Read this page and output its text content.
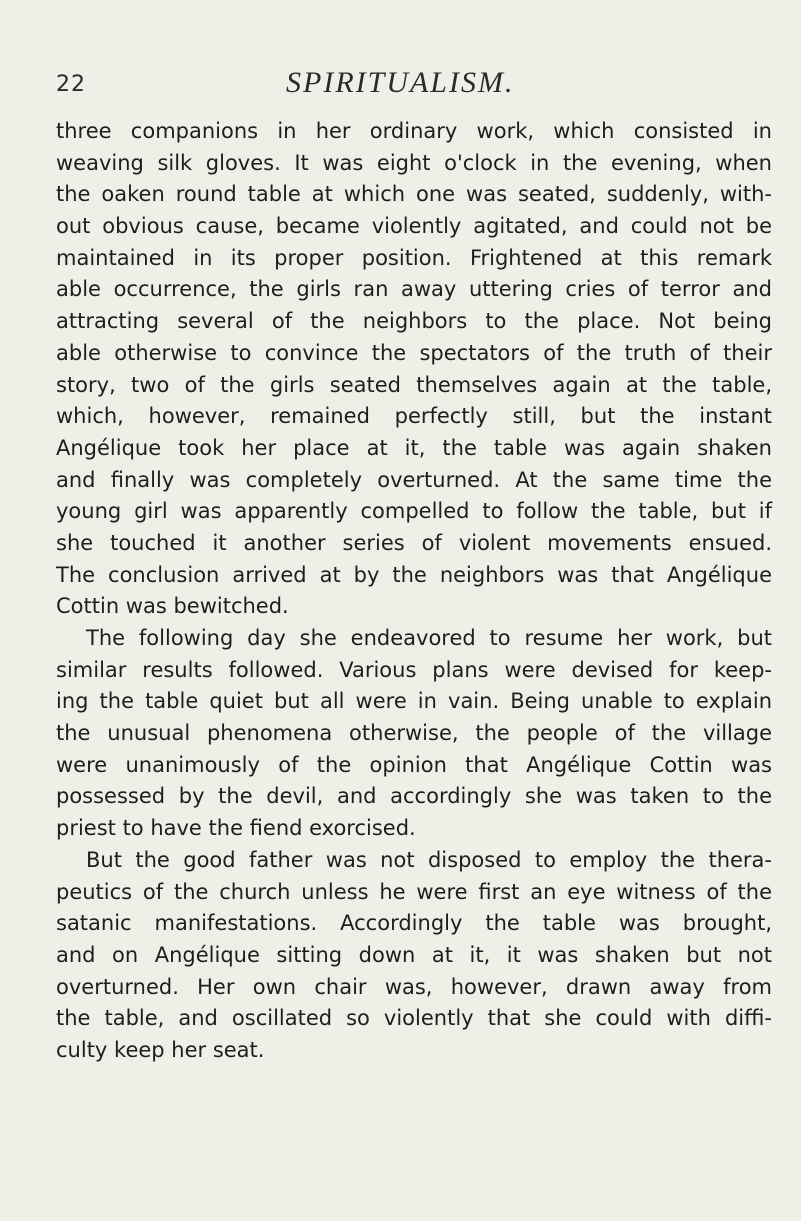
22	SPIRITUALISM.
three companions in her ordinary work, which consisted in
weaving silk gloves. It was eight o'clock in the evening, when
the oaken round table at which one was seated, suddenly, with-
out obvious cause, became violently agitated, and could not be
maintained in its proper position. Frightened at this remark
able occurrence, the girls ran away uttering cries of terror and
attracting several of the neighbors to the place. Not being
able otherwise to convince the spectators of the truth of their
story, two of the girls seated themselves again at the table,
which, however, remained perfectly still, but the instant
Angélique took her place at it, the table was again shaken
and finally was completely overturned. At the same time the
young girl was apparently compelled to follow the table, but if
she touched it another series of violent movements ensued.
The conclusion arrived at by the neighbors was that Angélique
Cottin was bewitched.
The following day she endeavored to resume her work, but
similar results followed. Various plans were devised for keep-
ing the table quiet but all were in vain. Being unable to explain
the unusual phenomena otherwise, the people of the village
were unanimously of the opinion that Angélique Cottin was
possessed by the devil, and accordingly she was taken to the
priest to have the fiend exorcised.
But the good father was not disposed to employ the thera-
peutics of the church unless he were first an eye witness of the
satanic manifestations. Accordingly the table was brought,
and on Angélique sitting down at it, it was shaken but not
overturned. Her own chair was, however, drawn away from
the table, and oscillated so violently that she could with diffi-
culty keep her seat.
